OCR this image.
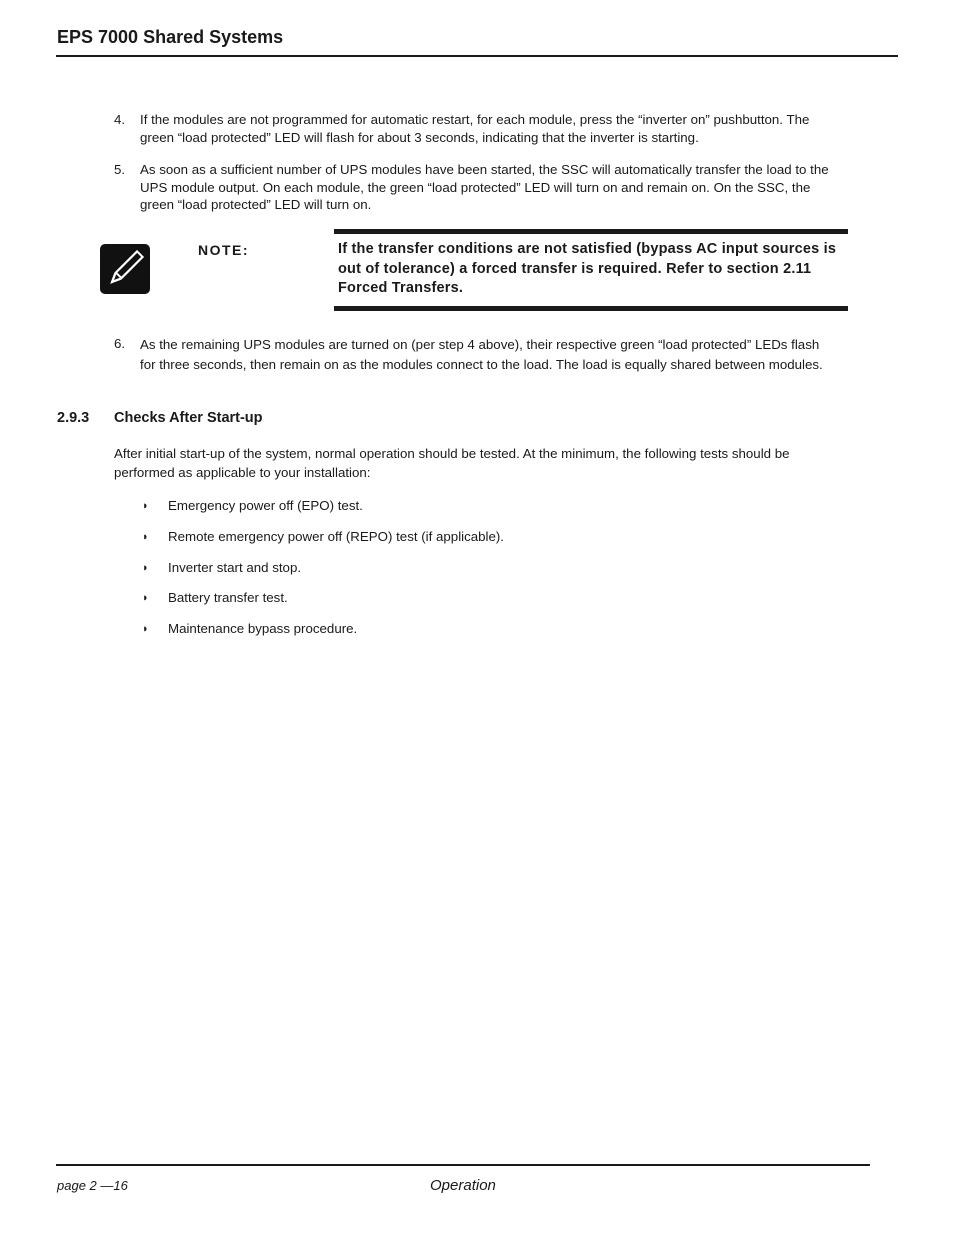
EPS 7000 Shared Systems
4.	If the modules are not programmed for automatic restart, for each module, press the “inverter on” pushbutton. The green “load protected” LED will flash for about 3 seconds, indicating that the inverter is starting.
5.	As soon as a sufficient number of UPS modules have been started, the SSC will automatically transfer the load to the UPS module output. On each module, the green “load protected” LED will turn on and remain on. On the SSC, the green “load protected” LED will turn on.
NOTE:	If the transfer conditions are not satisfied (bypass AC input sources is out of tolerance) a forced transfer is required. Refer to section 2.11 Forced Transfers.
6.	As the remaining UPS modules are turned on (per step 4 above), their respective green “load protected” LEDs flash for three seconds, then remain on as the modules connect to the load. The load is equally shared between modules.
2.9.3 Checks After Start-up
After initial start-up of the system, normal operation should be tested. At the minimum, the following tests should be performed as applicable to your installation:
◗ Emergency power off (EPO) test.
◗ Remote emergency power off (REPO) test (if applicable).
◗ Inverter start and stop.
◗ Battery transfer test.
◗ Maintenance bypass procedure.
page 2 —16	Operation
